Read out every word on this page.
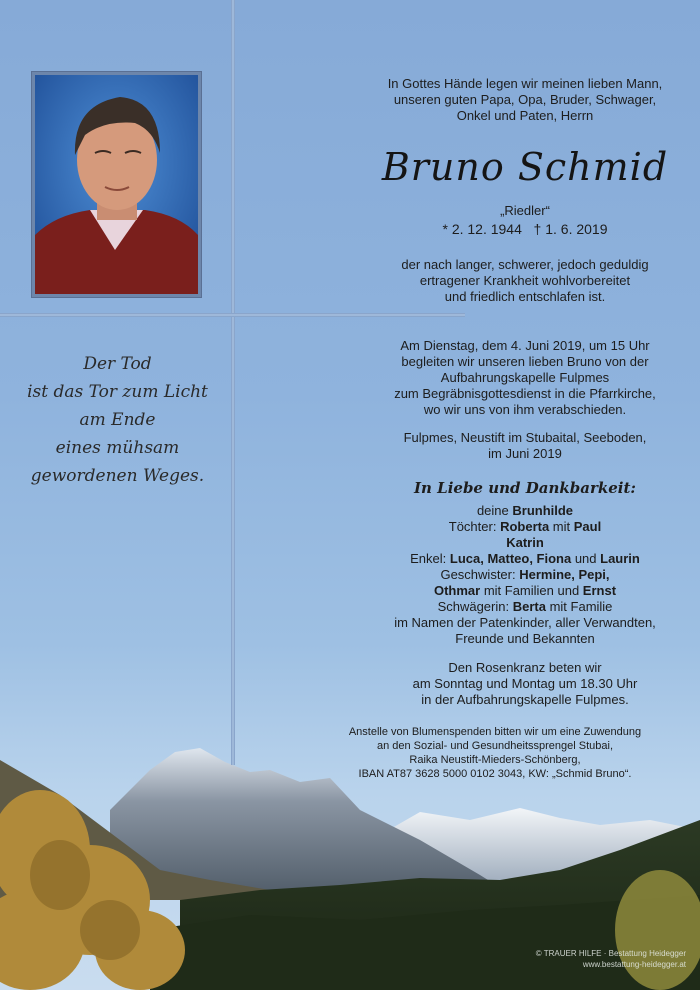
In Gottes Hände legen wir meinen lieben Mann,

unseren guten Papa, Opa, Bruder, Schwager,

Onkel und Paten, Herrn

Bruno Schmid
„Riedler“
* 2. 12. 1944   † 1. 6. 2019

der nach langer, schwerer, jedoch geduldig

ertragener Krankheit wohlvorbereitet

und friedlich entschlafen ist.

Am Dienstag, dem 4. Juni 2019, um 15 Uhr

begleiten wir unseren lieben Bruno von der

Aufbahrungskapelle Fulpmes

zum Begräbnisgottesdienst in die Pfarrkirche,

wo wir uns von ihm verabschieden.

Fulpmes, Neustift im Stubaital, Seeboden,

im Juni 2019

Der Tod
ist das Tor zum Licht
am Ende
eines mühsam
gewordenen Weges.
In Liebe und Dankbarkeit:

deine Brunhilde

Töchter: Roberta mit Paul

Katrin

Enkel: Luca, Matteo, Fiona und Laurin

Geschwister: Hermine, Pepi,

Othmar mit Familien und Ernst

Schwägerin: Berta mit Familie

im Namen der Patenkinder, aller Verwandten,

Freunde und Bekannten

Den Rosenkranz beten wir

am Sonntag und Montag um 18.30 Uhr

in der Aufbahrungskapelle Fulpmes.

Anstelle von Blumenspenden bitten wir um eine Zuwendung

an den Sozial- und Gesundheitssprengel Stubai,

Raika Neustift-Mieders-Schönberg,

IBAN AT87 3628 5000 0102 3043, KW: „Schmid Bruno“.

© TRAUER HILFE · Bestattung Heidegger
www.bestattung-heidegger.at
